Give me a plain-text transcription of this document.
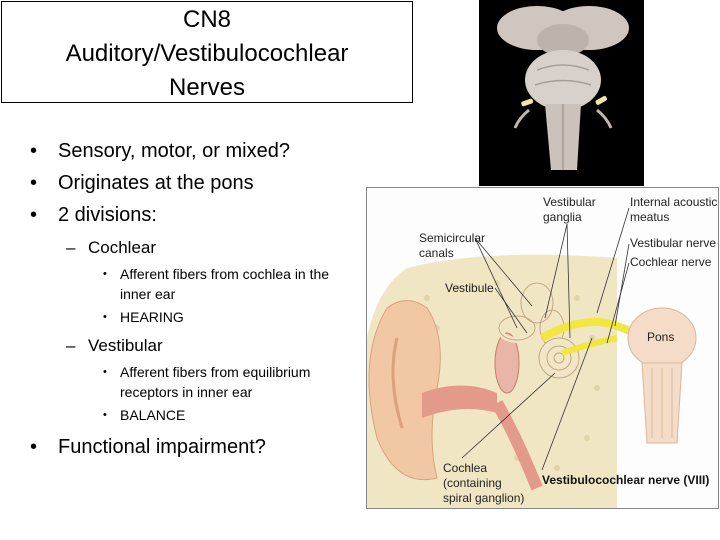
CN8
Auditory/Vestibulocochlear
Nerves
• Sensory, motor, or mixed?
• Originates at the pons
• 2 divisions:
– Cochlear
• Afferent fibers from cochlea in the inner ear
• HEARING
– Vestibular
• Afferent fibers from equilibrium receptors in inner ear
• BALANCE
• Functional impairment?
Vestibular
ganglia
Internal acoustic
meatus
Semicircular
canals
Vestibular nerve
Cochlear nerve
Vestibule
Pons
Cochlea
(containing
spiral ganglion)
Vestibulocochlear nerve (VIII)
